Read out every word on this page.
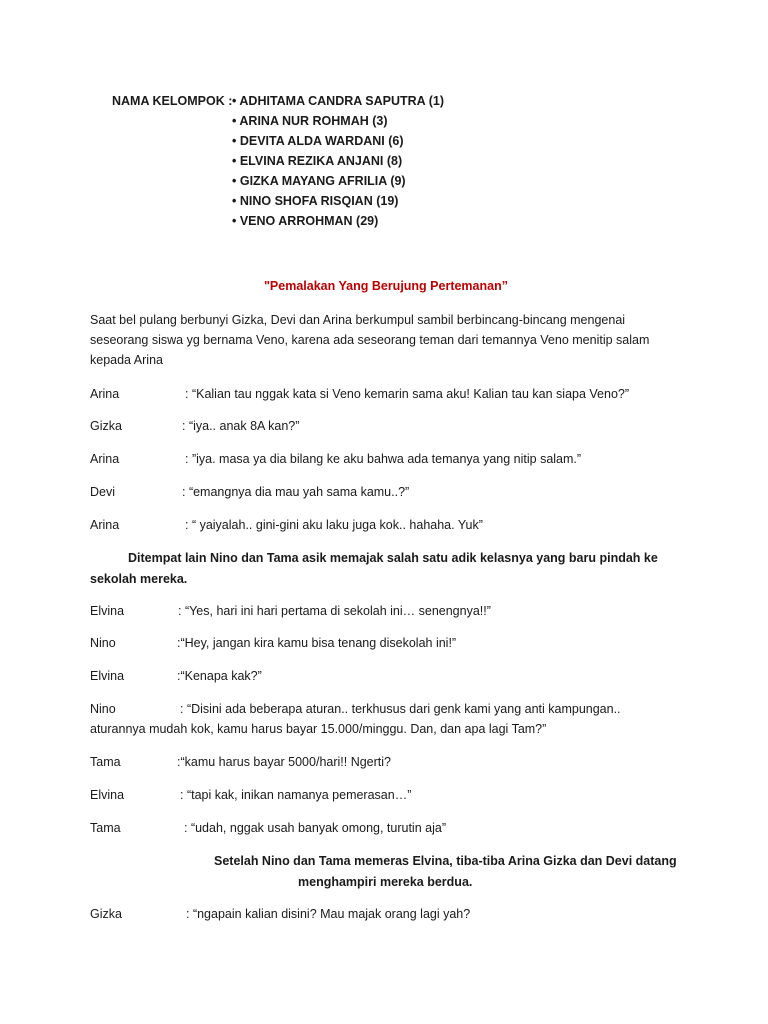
NAMA KELOMPOK : • ADHITAMA CANDRA SAPUTRA (1)
• ARINA NUR ROHMAH (3)
• DEVITA ALDA WARDANI (6)
• ELVINA REZIKA ANJANI (8)
• GIZKA MAYANG AFRILIA (9)
• NINO SHOFA RISQIAN (19)
• VENO ARROHMAN (29)
"Pemalakan Yang Berujung Pertemanan”
Saat bel pulang berbunyi Gizka, Devi dan Arina berkumpul sambil berbincang-bincang mengenai
seseorang siswa yg bernama Veno, karena ada seseorang teman dari temannya Veno menitip salam
kepada Arina
Arina	: “Kalian tau nggak kata si Veno kemarin sama aku! Kalian tau kan siapa Veno?”
Gizka	: “iya.. anak 8A kan?”
Arina	: ”iya. masa ya dia bilang ke aku bahwa ada temanya yang nitip salam.”
Devi	: “emangnya dia mau yah sama kamu..?”
Arina	: “ yaiyalah.. gini-gini aku laku juga kok.. hahaha. Yuk”
Ditempat lain Nino dan Tama asik memajak salah satu adik kelasnya yang baru pindah ke
sekolah mereka.
Elvina	: “Yes, hari ini hari pertama di sekolah ini… senengnya!!”
Nino	:“Hey, jangan kira kamu bisa tenang disekolah ini!”
Elvina	:“Kenapa kak?”
Nino	: “Disini ada beberapa aturan.. terkhusus dari genk kami yang anti kampungan..
aturannya mudah kok, kamu harus bayar 15.000/minggu. Dan, dan apa lagi Tam?”
Tama	:“kamu harus bayar 5000/hari!! Ngerti?
Elvina	: “tapi kak, inikan namanya pemerasan…”
Tama	: “udah, nggak usah banyak omong, turutin aja”
Setelah Nino dan Tama memeras Elvina, tiba-tiba Arina Gizka dan Devi datang
menghampiri mereka berdua.
Gizka	: “ngapain kalian disini? Mau majak orang lagi yah?
